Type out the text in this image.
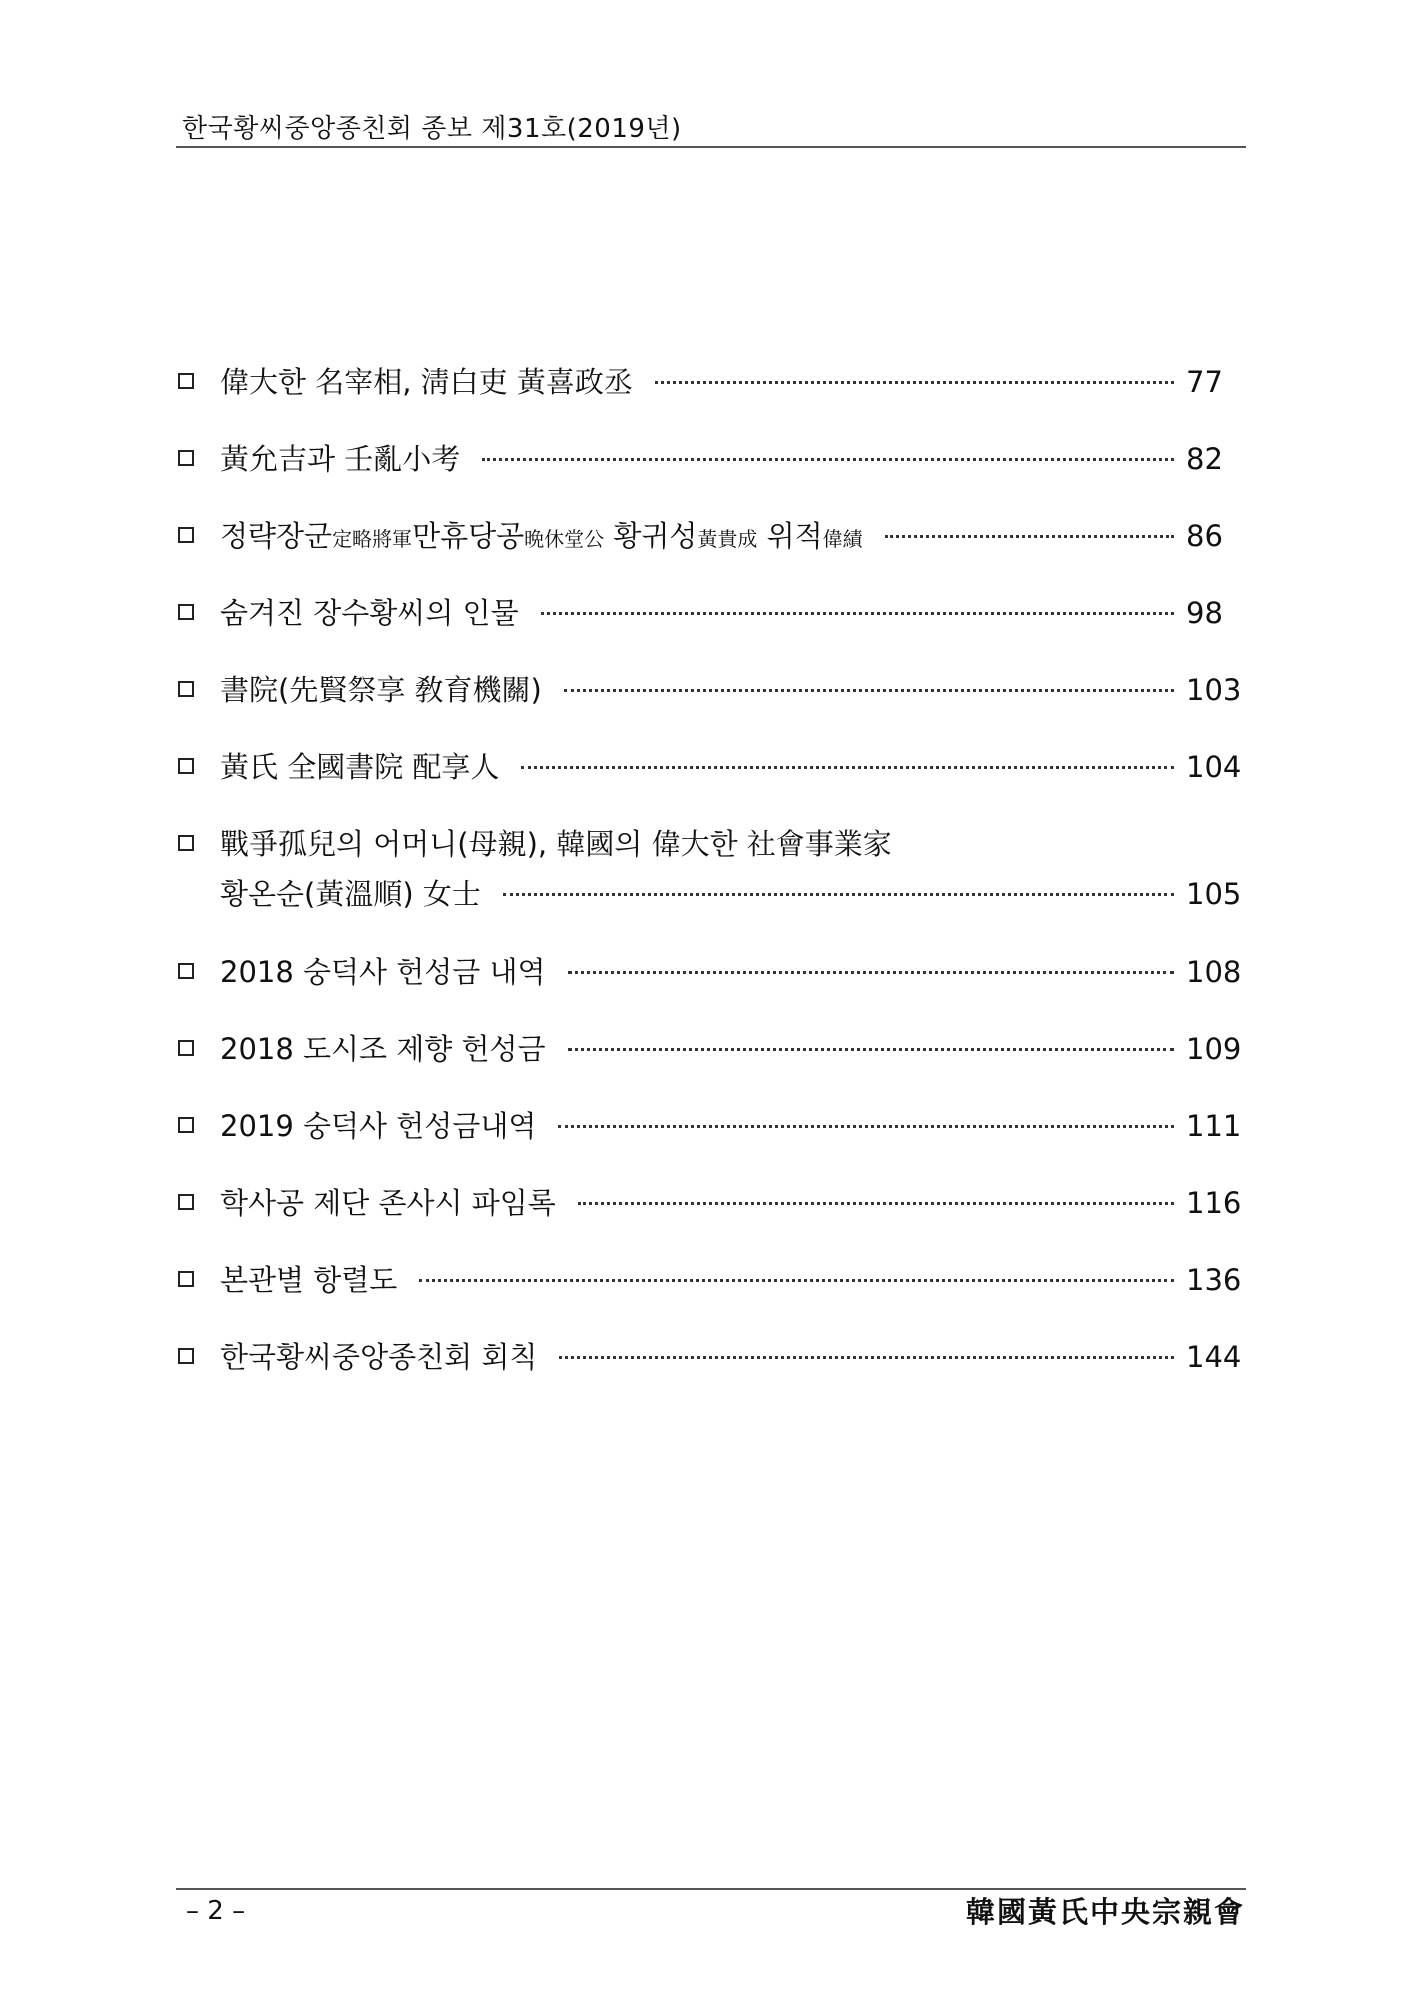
한국황씨중앙종친회 종보 제31호(2019년)
偉大한 名宰相, 淸白吏 黃喜政丞	77
黃允吉과 壬亂小考	82
정략장군定略將軍만휴당공晩休堂公 황귀성黃貴成 위적偉績	86
숨겨진 장수황씨의 인물	98
書院(先賢祭享 敎育機關)	103
黃氏 全國書院 配享人	104
戰爭孤兒의 어머니(母親), 韓國의 偉大한 社會事業家
황온순(黃溫順) 女士	105
2018 숭덕사 헌성금 내역	108
2018 도시조 제향 헌성금	109
2019 숭덕사 헌성금내역	111
학사공 제단 존사시 파임록	116
본관별 항렬도	136
한국황씨중앙종친회 회칙	144
– 2 –	韓國黃氏中央宗親會
